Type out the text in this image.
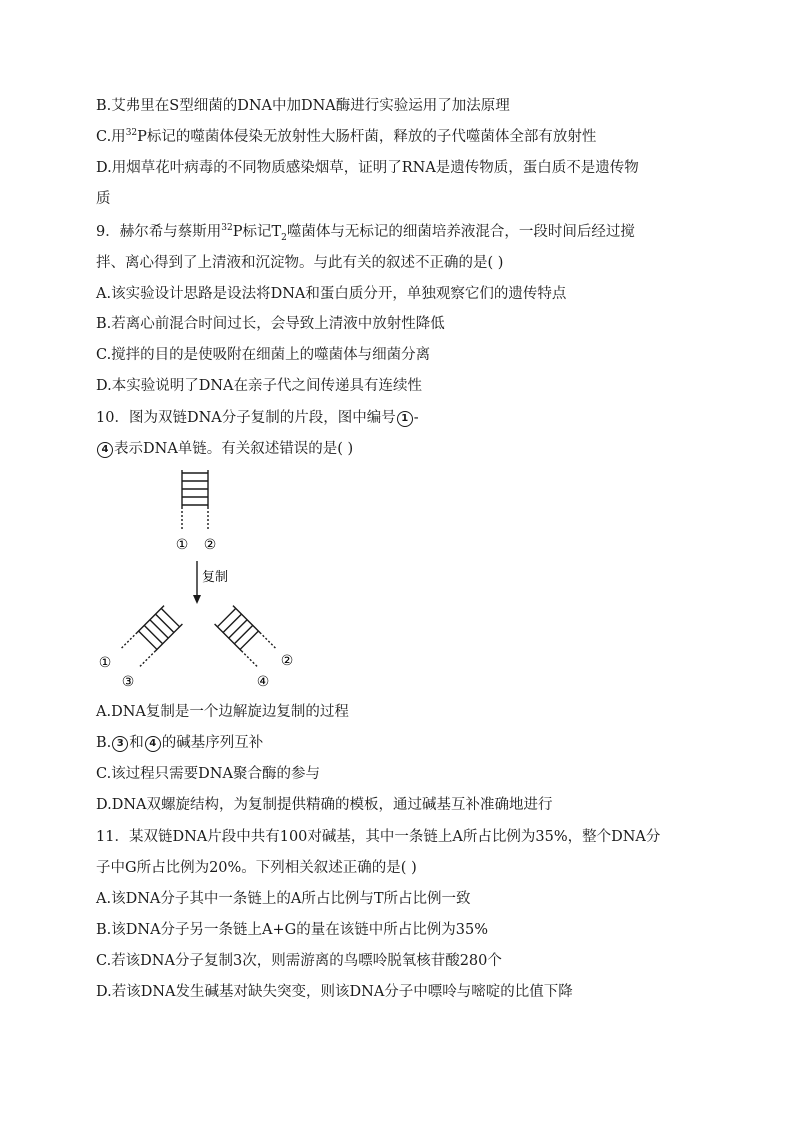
B.艾弗里在S型细菌的DNA中加DNA酶进行实验运用了加法原理
C.用$^{32}$P标记的噬菌体侵染无放射性大肠杆菌，释放的子代噬菌体全部有放射性
D.用烟草花叶病毒的不同物质感染烟草，证明了RNA是遗传物质，蛋白质不是遗传物
质
9．赫尔希与蔡斯用$^{32}$P标记$T_2$噬菌体与无标记的细菌培养液混合，一段时间后经过搅
拌、离心得到了上清液和沉淀物。与此有关的叙述不正确的是( )
A.该实验设计思路是设法将DNA和蛋白质分开，单独观察它们的遗传特点
B.若离心前混合时间过长，会导致上清液中放射性降低
C.搅拌的目的是使吸附在细菌上的噬菌体与细菌分离
D.本实验说明了DNA在亲子代之间传递具有连续性
10．图为双链DNA分子复制的片段，图中编号 1 -
4 表示DNA单链。有关叙述错误的是( )
① ②
复制
①
③
②
④
A.DNA复制是一个边解旋边复制的过程
B. 3 和 4 的碱基序列互补
C.该过程只需要DNA聚合酶的参与
D.DNA双螺旋结构，为复制提供精确的模板，通过碱基互补准确地进行
11．某双链DNA片段中共有100对碱基，其中一条链上A所占比例为35%，整个DNA分
子中G所占比例为20%。下列相关叙述正确的是( )
A.该DNA分子其中一条链上的A所占比例与T所占比例一致
B.该DNA分子另一条链上A+G的量在该链中所占比例为35%
C.若该DNA分子复制3次，则需游离的鸟嘌呤脱氧核苷酸280个
D.若该DNA发生碱基对缺失突变，则该DNA分子中嘌呤与嘧啶的比值下降
